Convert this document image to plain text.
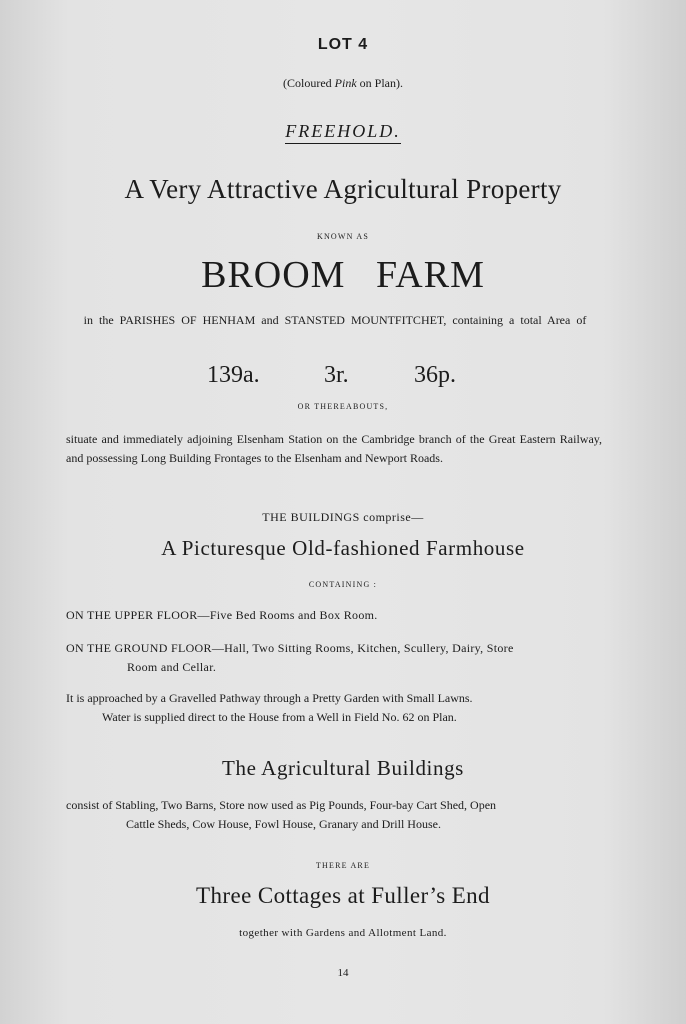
LOT 4

(Coloured Pink on Plan).

FREEHOLD.

A Very Attractive Agricultural Property

KNOWN AS

BROOM FARM

in the PARISHES OF HENHAM and STANSTED MOUNTFITCHET, containing a total Area of

139a.	3r.	36p.

OR THEREABOUTS,

situate and immediately adjoining Elsenham Station on the Cambridge branch of the Great Eastern Railway, and possessing Long Building Frontages to the Elsenham and Newport Roads.

THE BUILDINGS comprise—

A Picturesque Old-fashioned Farmhouse

CONTAINING :

ON THE UPPER FLOOR—Five Bed Rooms and Box Room.

ON THE GROUND FLOOR—Hall, Two Sitting Rooms, Kitchen, Scullery, Dairy, Store
Room and Cellar.

It is approached by a Gravelled Pathway through a Pretty Garden with Small Lawns.
Water is supplied direct to the House from a Well in Field No. 62 on Plan.

The Agricultural Buildings

consist of Stabling, Two Barns, Store now used as Pig Pounds, Four-bay Cart Shed, Open
Cattle Sheds, Cow House, Fowl House, Granary and Drill House.

THERE ARE

Three Cottages at Fuller’s End

together with Gardens and Allotment Land.

14
